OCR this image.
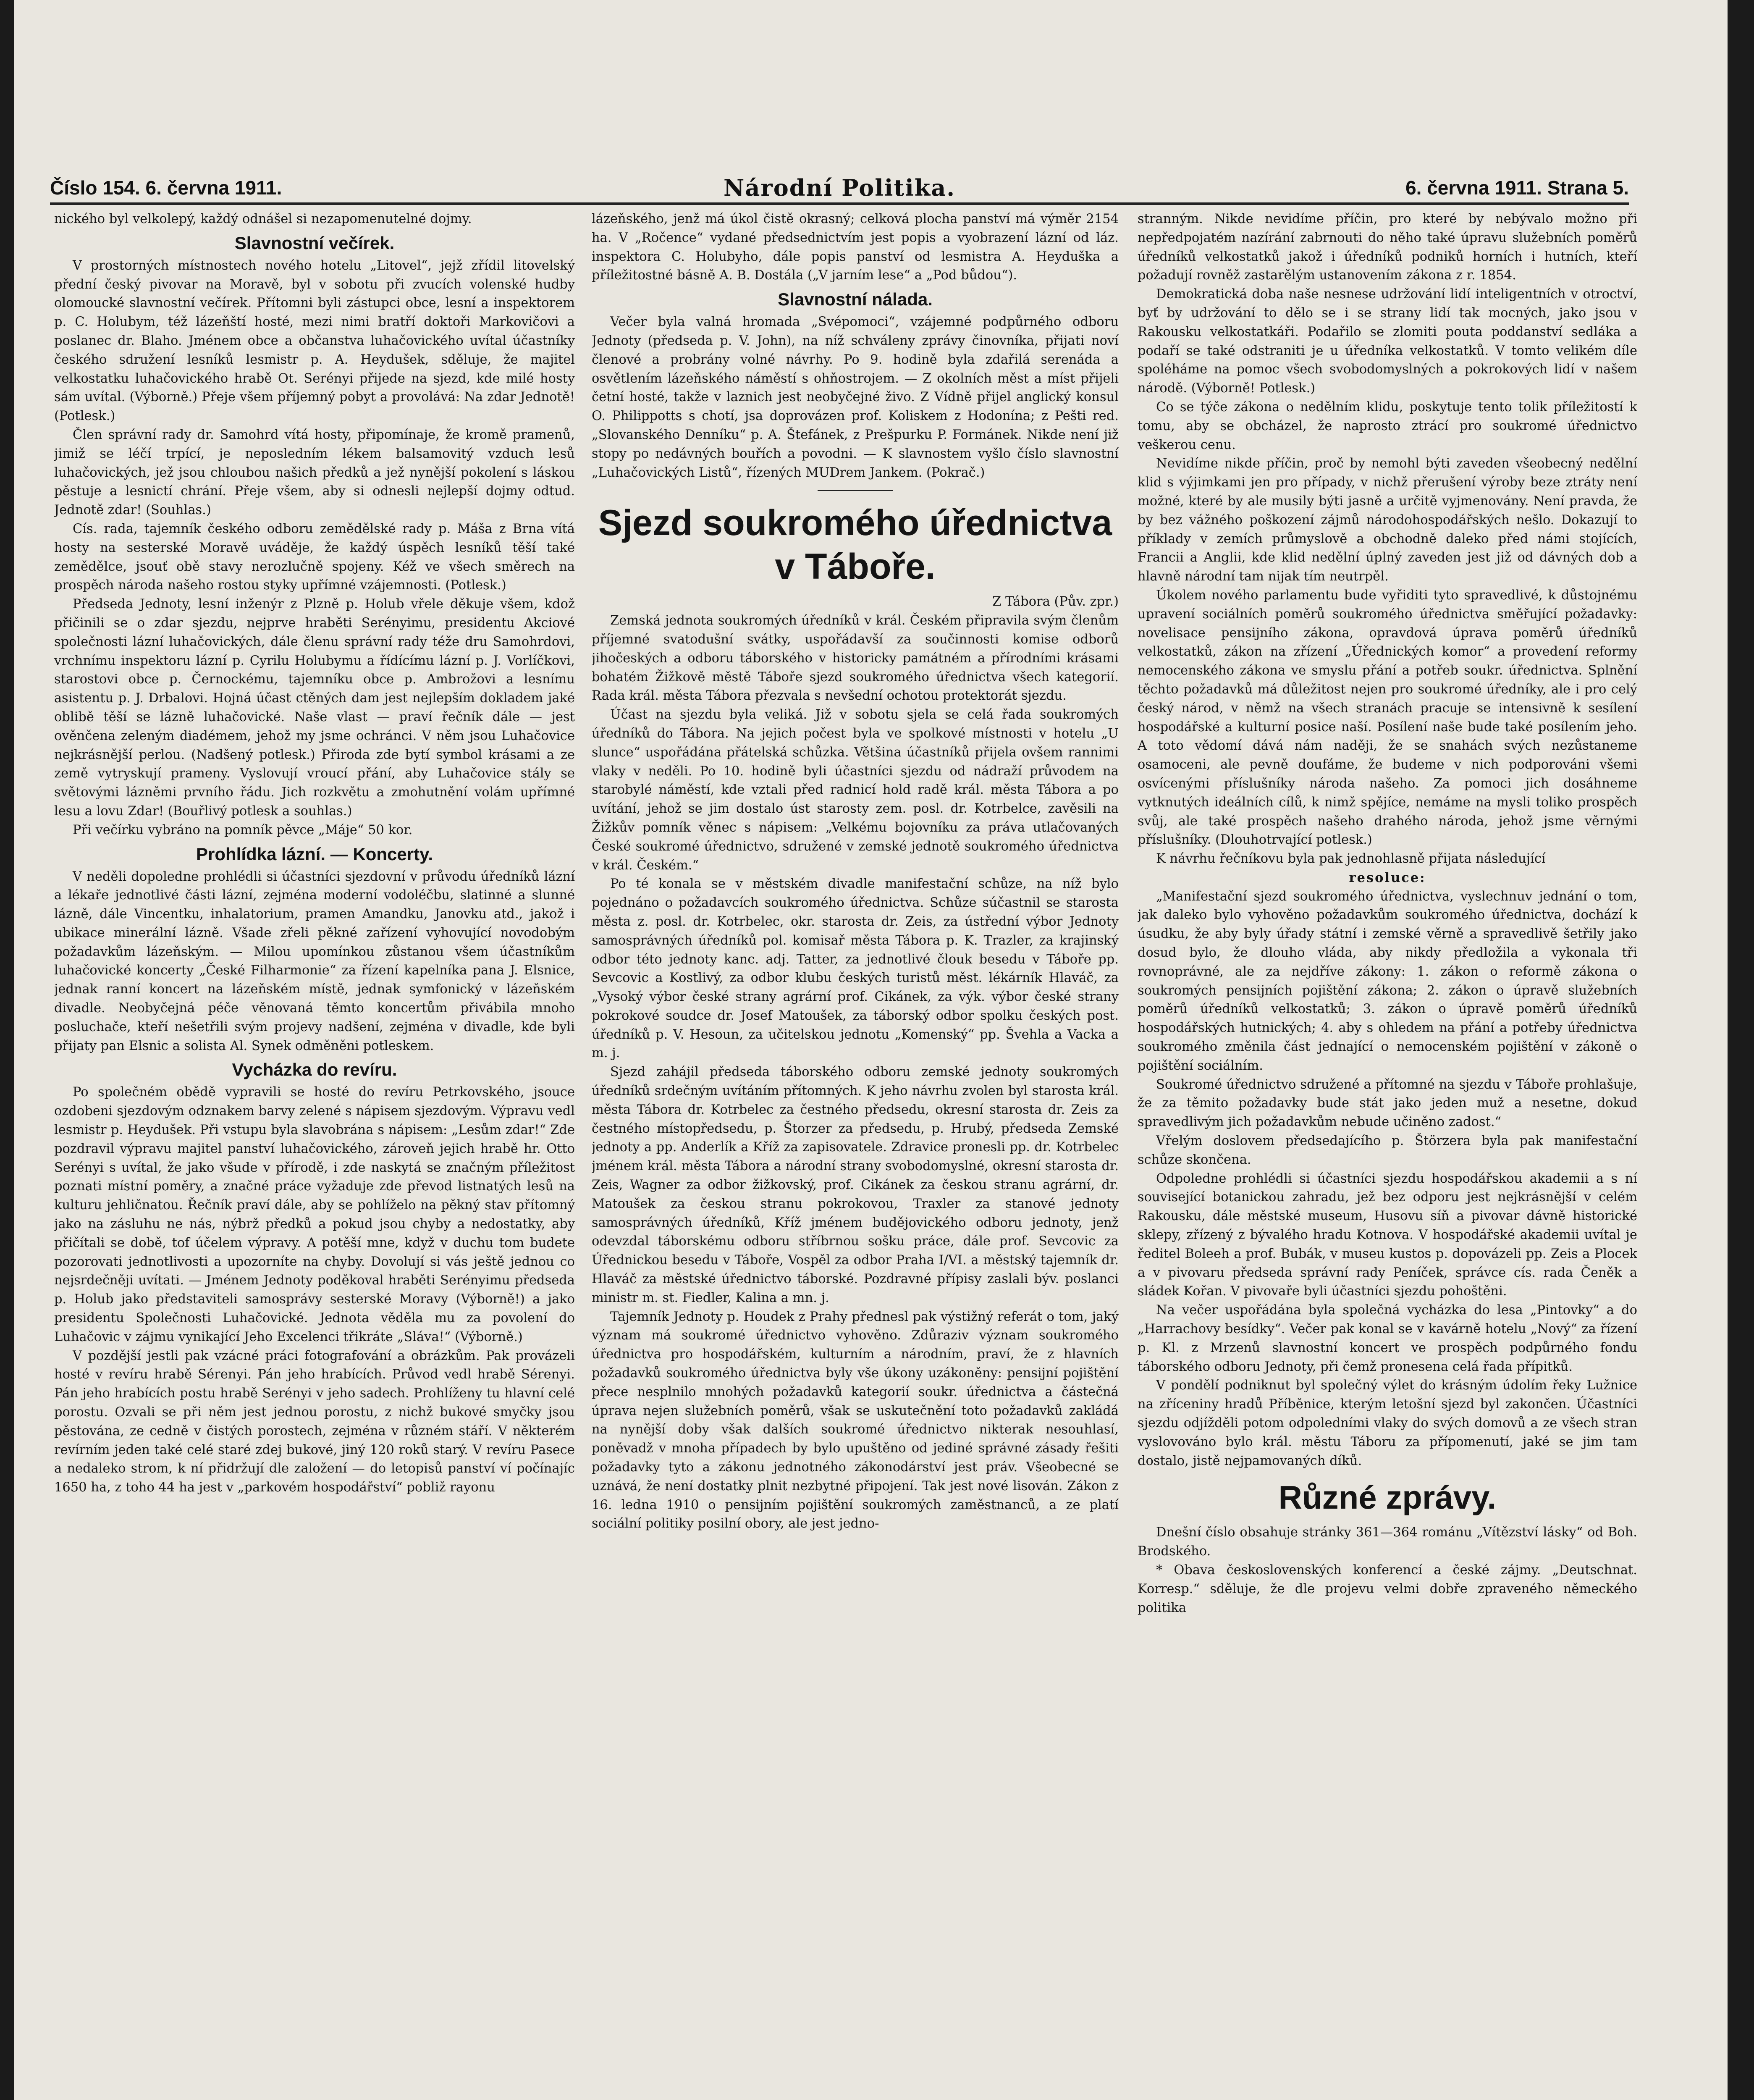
Číslo 154. 6. června 1911.	Národní Politika.	6. června 1911. Strana 5.

nického byl velkolepý, každý odnášel si nezapomenutelné dojmy.

Slavnostní večírek.

V prostorných místnostech nového hotelu „Litovel“, jejž zřídil litovelský přední český pivovar na Moravě, byl v sobotu při zvucích volenské hudby olomoucké slavnostní večírek. Přítomni byli zástupci obce, lesní a inspektorem p. C. Holubym, též lázeňští hosté, mezi nimi bratří doktoři Markovičovi a poslanec dr. Blaho. Jménem obce a občanstva luhačovického uvítal účastníky českého sdružení lesníků lesmistr p. A. Heydušek, sděluje, že majitel velkostatku luhačovického hrabě Ot. Serényi přijede na sjezd, kde milé hosty sám uvítal. (Výborně.) Přeje všem příjemný pobyt a provolává: Na zdar Jednotě! (Potlesk.)

Člen správní rady dr. Samohrd vítá hosty, připomínaje, že kromě pramenů, jimiž se léčí trpící, je neposledním lékem balsamovitý vzduch lesů luhačovických, jež jsou chloubou našich předků a jež nynější pokolení s láskou pěstuje a lesnictí chrání. Přeje všem, aby si odnesli nejlepší dojmy odtud. Jednotě zdar! (Souhlas.)

Cís. rada, tajemník českého odboru zemědělské rady p. Máša z Brna vítá hosty na sesterské Moravě uváděje, že každý úspěch lesníků těší také zemědělce, jsouť obě stavy nerozlučně spojeny. Kéž ve všech směrech na prospěch národa našeho rostou styky upřímné vzájemnosti. (Potlesk.)

Předseda Jednoty, lesní inženýr z Plzně p. Holub vřele děkuje všem, kdož přičinili se o zdar sjezdu, nejprve hraběti Serényimu, presidentu Akciové společnosti lázní luhačovických, dále členu správní rady téže dru Samohrdovi, vrchnímu inspektoru lázní p. Cyrilu Holubymu a řídícímu lázní p. J. Vorlíčkovi, starostovi obce p. Černockému, tajemníku obce p. Ambrožovi a lesnímu asistentu p. J. Drbalovi. Hojná účast ctěných dam jest nejlepším dokladem jaké oblibě těší se lázně luhačovické. Naše vlast — praví řečník dále — jest ověnčena zeleným diadémem, jehož my jsme ochránci. V něm jsou Luhačovice nejkrásnější perlou. (Nadšený potlesk.) Přiroda zde bytí symbol krásami a ze země vytryskují prameny. Vyslovují vroucí přání, aby Luhačovice stály se světovými lázněmi prvního řádu. Jich rozkvětu a zmohutnění volám upřímné lesu a lovu Zdar! (Bouřlivý potlesk a souhlas.)

Při večírku vybráno na pomník pěvce „Máje“ 50 kor.

Prohlídka lázní. — Koncerty.

V neděli dopoledne prohlédli si účastníci sjezdovní v průvodu úředníků lázní a lékaře jednotlivé části lázní, zejména moderní vodoléčbu, slatinné a slunné lázně, dále Vincentku, inhalatorium, pramen Amandku, Janovku atd., jakož i ubikace minerální lázně. Všade zřeli pěkné zařízení vyhovující novodobým požadavkům lázeňským. — Milou upomínkou zůstanou všem účastníkům luhačovické koncerty „České Filharmonie“ za řízení kapelníka pana J. Elsnice, jednak ranní koncert na lázeňském místě, jednak symfonický v lázeňském divadle. Neobyčejná péče věnovaná těmto koncertům přivábila mnoho posluchače, kteří nešetřili svým projevy nadšení, zejména v divadle, kde byli přijaty pan Elsnic a solista Al. Synek odměněni potleskem.

Vycházka do revíru.

Po společném obědě vypravili se hosté do revíru Petrkovského, jsouce ozdobeni sjezdovým odznakem barvy zelené s nápisem sjezdovým. Výpravu vedl lesmistr p. Heydušek. Při vstupu byla slavobrána s nápisem: „Lesům zdar!“ Zde pozdravil výpravu majitel panství luhačovického, zároveň jejich hrabě hr. Otto Serényi s uvítal, že jako všude v přírodě, i zde naskytá se značným příležitost poznati místní poměry, a značné práce vyžaduje zde převod listnatých lesů na kulturu jehličnatou. Řečník praví dále, aby se pohlíželo na pěkný stav přítomný jako na zásluhu ne nás, nýbrž předků a pokud jsou chyby a nedostatky, aby přičítali se době, tof účelem výpravy. A potěší mne, když v duchu tom budete pozorovati jednotlivosti a upozorníte na chyby. Dovolují si vás ještě jednou co nejsrdečněji uvítati. — Jménem Jednoty poděkoval hraběti Serényimu předseda p. Holub jako představiteli samosprávy sesterské Moravy (Výborně!) a jako presidentu Společnosti Luhačovické. Jednota věděla mu za povolení do Luhačovic v zájmu vynikající Jeho Excelenci třikráte „Sláva!“ (Výborně.)

V pozdější jestli pak vzácné práci fotografování a obrázkům. Pak provázeli hosté v revíru hrabě Sérenyi. Pán jeho hrabících. Průvod vedl hrabě Sérenyi. Pán jeho hrabících postu hrabě Serényi v jeho sadech. Prohlíženy tu hlavní celé porostu. Ozvali se při něm jest jednou porostu, z nichž bukové smyčky jsou pěstována, ze cedně v čistých porostech, zejména v různém stáří. V některém revírním jeden také celé staré zdej bukové, jiný 120 roků starý. V revíru Pasece a nedaleko strom, k ní přidržují dle založení — do letopisů panství ví počínajíc 1650 ha, z toho 44 ha jest v „parkovém hospodářství“ pobliž rayonu

lázeňského, jenž má úkol čistě okrasný; celková plocha panství má výměr 2154 ha. V „Ročence“ vydané předsednictvím jest popis a vyobrazení lázní od láz. inspektora C. Holubyho, dále popis panství od lesmistra A. Heyduška a příležitostné básně A. B. Dostála („V jarním lese“ a „Pod bůdou“).

Slavnostní nálada.

Večer byla valná hromada „Svépomoci“, vzájemné podpůrného odboru Jednoty (předseda p. V. John), na níž schváleny zprávy činovníka, přijati noví členové a probrány volné návrhy. Po 9. hodině byla zdařilá serenáda a osvětlením lázeňského náměstí s ohňostrojem. — Z okolních měst a míst přijeli četní hosté, takže v laznich jest neobyčejné živo. Z Vídně přijel anglický konsul O. Philippotts s chotí, jsa doprovázen prof. Koliskem z Hodonína; z Pešti red. „Slovanského Denníku“ p. A. Štefánek, z Prešpurku P. Formánek. Nikde není již stopy po nedávných bouřích a povodni. — K slavnostem vyšlo číslo slavnostní „Luhačovických Listů“, řízených MUDrem Jankem. (Pokrač.)

Sjezd soukromého úřednictva v Táboře.

Z Tábora (Pův. zpr.)

Zemská jednota soukromých úředníků v král. Českém připravila svým členům příjemné svatodušní svátky, uspořádavší za součinnosti komise odborů jihočeských a odboru táborského v historicky památném a přírodními krásami bohatém Žižkově městě Táboře sjezd soukromého úřednictva všech kategorií. Rada král. města Tábora přezvala s nevšední ochotou protektorát sjezdu.

Účast na sjezdu byla veliká. Již v sobotu sjela se celá řada soukromých úředníků do Tábora. Na jejich počest byla ve spolkové místnosti v hotelu „U slunce“ uspořádána přátelská schůzka. Většina účastníků přijela ovšem rannimi vlaky v neděli. Po 10. hodině byli účastníci sjezdu od nádraží průvodem na starobylé náměstí, kde vztali před radnicí hold radě král. města Tábora a po uvítání, jehož se jim dostalo úst starosty zem. posl. dr. Kotrbelce, zavěsili na Žižkův pomník věnec s nápisem: „Velkému bojovníku za práva utlačovaných České soukromé úřednictvo, sdružené v zemské jednotě soukromého úřednictva v král. Českém.“

Po té konala se v městském divadle manifestační schůze, na níž bylo pojednáno o požadavcích soukromého úřednictva. Schůze súčastnil se starosta města z. posl. dr. Kotrbelec, okr. starosta dr. Zeis, za ústřední výbor Jednoty samosprávných úředníků pol. komisař města Tábora p. K. Trazler, za krajinský odbor této jednoty kanc. adj. Tatter, za jednotlivé člouk besedu v Táboře pp. Sevcovic a Kostlivý, za odbor klubu českých turistů měst. lékárník Hlaváč, za „Vysoký výbor české strany agrární prof. Cikánek, za výk. výbor české strany pokrokové soudce dr. Josef Matoušek, za táborský odbor spolku českých post. úředníků p. V. Hesoun, za učitelskou jednotu „Komenský“ pp. Švehla a Vacka a m. j.

Sjezd zahájil předseda táborského odboru zemské jednoty soukromých úředníků srdečným uvítáním přítomných. K jeho návrhu zvolen byl starosta král. města Tábora dr. Kotrbelec za čestného předsedu, okresní starosta dr. Zeis za čestného místopředsedu, p. Štorzer za předsedu, p. Hrubý, předseda Zemské jednoty a pp. Anderlík a Kříž za zapisovatele. Zdravice pronesli pp. dr. Kotrbelec jménem král. města Tábora a národní strany svobodomyslné, okresní starosta dr. Zeis, Wagner za odbor žižkovský, prof. Cikánek za českou stranu agrární, dr. Matoušek za českou stranu pokrokovou, Traxler za stanové jednoty samosprávných úředníků, Kříž jménem budějovického odboru jednoty, jenž odevzdal táborskému odboru stříbrnou sošku práce, dále prof. Sevcovic za Úřednickou besedu v Táboře, Vospěl za odbor Praha I/VI. a městský tajemník dr. Hlaváč za městské úřednictvo táborské. Pozdravné přípisy zaslali býv. poslanci ministr m. st. Fiedler, Kalina a mn. j.

Tajemník Jednoty p. Houdek z Prahy přednesl pak výstižný referát o tom, jaký význam má soukromé úřednictvo vyhověno. Zdůraziv význam soukromého úřednictva pro hospodářském, kulturním a národním, praví, že z hlavních požadavků soukromého úřednictva byly vše úkony uzákoněny: pensijní pojištění přece nesplnilo mnohých požadavků kategorií soukr. úřednictva a částečná úprava nejen služebních poměrů, však se uskutečnění toto požadavků zakládá na nynější doby však dalších soukromé úřednictvo nikterak nesouhlasí, poněvadž v mnoha případech by bylo upuštěno od jediné správné zásady řešiti požadavky tyto a zákonu jednotného zákonodárství jest práv. Všeobecné se uznává, že není dostatky plnit nezbytné připojení. Tak jest nové lisován. Zákon z 16. ledna 1910 o pensijním pojištění soukromých zaměstnanců, a ze platí sociální politiky posilní obory, ale jest jedno-

stranným. Nikde nevidíme příčin, pro které by nebývalo možno při nepředpojatém nazírání zabrnouti do něho také úpravu služebních poměrů úředníků velkostatků jakož i úředníků podniků horních i hutních, kteří požadují rovněž zastarělým ustanovením zákona z r. 1854.

Demokratická doba naše nesnese udržování lidí inteligentních v otroctví, byť by udržování to dělo se i se strany lidí tak mocných, jako jsou v Rakousku velkostatkáři. Podařilo se zlomiti pouta poddanství sedláka a podaří se také odstraniti je u úředníka velkostatků. V tomto velikém díle spoléháme na pomoc všech svobodomyslných a pokrokových lidí v našem národě. (Výborně! Potlesk.)

Co se týče zákona o nedělním klidu, poskytuje tento tolik příležitostí k tomu, aby se obcházel, že naprosto ztrácí pro soukromé úřednictvo veškerou cenu.

Nevidíme nikde příčin, proč by nemohl býti zaveden všeobecný nedělní klid s výjimkami jen pro případy, v nichž přerušení výroby beze ztráty není možné, které by ale musily býti jasně a určitě vyjmenovány. Není pravda, že by bez vážného poškození zájmů národohospodářských nešlo. Dokazují to příklady v zemích průmyslově a obchodně daleko před námi stojících, Francii a Anglii, kde klid nedělní úplný zaveden jest již od dávných dob a hlavně národní tam nijak tím neutrpěl.

Úkolem nového parlamentu bude vyřiditi tyto spravedlivé, k důstojnému upravení sociálních poměrů soukromého úřednictva směřující požadavky: novelisace pensijního zákona, opravdová úprava poměrů úředníků velkostatků, zákon na zřízení „Úřednických komor“ a provedení reformy nemocenského zákona ve smyslu přání a potřeb soukr. úřednictva. Splnění těchto požadavků má důležitost nejen pro soukromé úředníky, ale i pro celý český národ, v němž na všech stranách pracuje se intensivně k sesílení hospodářské a kulturní posice naší. Posílení naše bude také posílením jeho. A toto vědomí dává nám naději, že se snahách svých nezůstaneme osamoceni, ale pevně doufáme, že budeme v nich podporováni všemi osvícenými příslušníky národa našeho. Za pomoci jich dosáhneme vytknutých ideálních cílů, k nimž spějíce, nemáme na mysli toliko prospěch svůj, ale také prospěch našeho drahého národa, jehož jsme věrnými příslušníky. (Dlouhotrvající potlesk.)

K návrhu řečníkovu byla pak jednohlasně přijata následující

resoluce:

„Manifestační sjezd soukromého úřednictva, vyslechnuv jednání o tom, jak daleko bylo vyhověno požadavkům soukromého úřednictva, dochází k úsudku, že aby byly úřady státní i zemské věrně a spravedlivě šetřily jako dosud bylo, že dlouho vláda, aby nikdy předložila a vykonala tři rovnoprávné, ale za nejdříve zákony: 1. zákon o reformě zákona o soukromých pensijních pojištění zákona; 2. zákon o úpravě služebních poměrů úředníků velkostatků; 3. zákon o úpravě poměrů úředníků hospodářských hutnických; 4. aby s ohledem na přání a potřeby úřednictva soukromého změnila část jednající o nemocenském pojištění v zákoně o pojištění sociálním.

Soukromé úřednictvo sdružené a přítomné na sjezdu v Táboře prohlašuje, že za těmito požadavky bude stát jako jeden muž a nesetne, dokud spravedlivým jich požadavkům nebude učiněno zadost.“

Vřelým doslovem předsedajícího p. Štörzera byla pak manifestační schůze skončena.

Odpoledne prohlédli si účastníci sjezdu hospodářskou akademii a s ní související botanickou zahradu, jež bez odporu jest nejkrásnější v celém Rakousku, dále městské museum, Husovu síň a pivovar dávně historické sklepy, zřízený z bývalého hradu Kotnova. V hospodářské akademii uvítal je ředitel Boleeh a prof. Bubák, v museu kustos p. dopovázeli pp. Zeis a Plocek a v pivovaru předseda správní rady Peníček, správce cís. rada Čeněk a sládek Kořan. V pivovaře byli účastníci sjezdu pohoštěni.

Na večer uspořádána byla společná vycházka do lesa „Pintovky“ a do „Harrachovy besídky“. Večer pak konal se v kavárně hotelu „Nový“ za řízení p. Kl. z Mrzenů slavnostní koncert ve prospěch podpůrného fondu táborského odboru Jednoty, při čemž pronesena celá řada přípitků.

V pondělí podniknut byl společný výlet do krásným údolím řeky Lužnice na zříceniny hradů Příběnice, kterým letošní sjezd byl zakončen. Účastníci sjezdu odjížděli potom odpoledními vlaky do svých domovů a ze všech stran vyslovováno bylo král. městu Táboru za přípomenutí, jaké se jim tam dostalo, jistě nejpamovaných díků.

Různé zprávy.

Dnešní číslo obsahuje stránky 361—364 románu „Vítězství lásky“ od Boh. Brodského.

* Obava československých konferencí a české zájmy. „Deutschnat. Korresp.“ sděluje, že dle projevu velmi dobře zpraveného německého politika
